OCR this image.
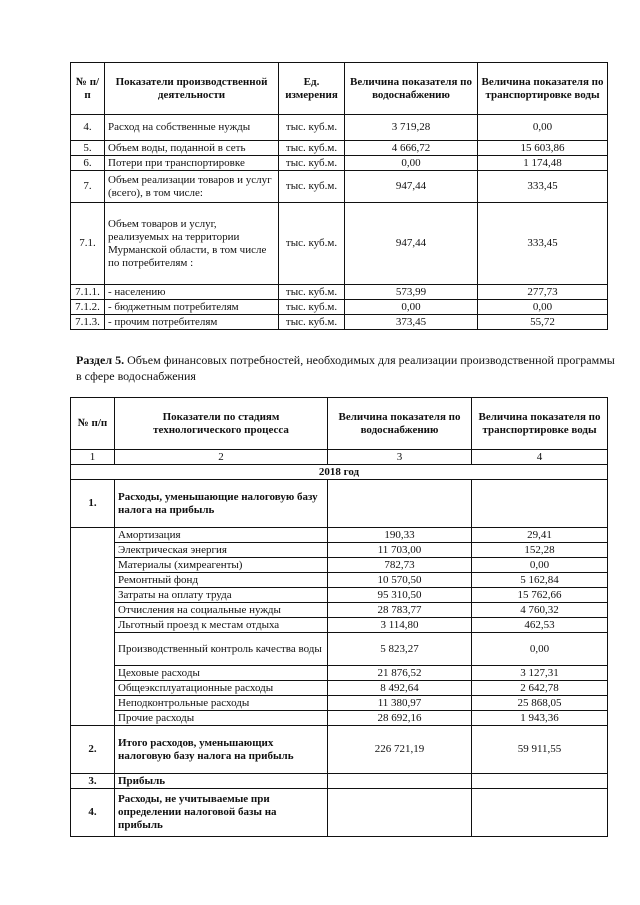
№ п/п	Показатели производственной деятельности	Ед. измерения	Величина показателя по водоснабжению	Величина показателя по транспортировке воды
4.	Расход на собственные нужды	тыс. куб.м.	3 719,28	0,00
5.	Объем воды, поданной в сеть	тыс. куб.м.	4 666,72	15 603,86
6.	Потери при транспортировке	тыс. куб.м.	0,00	1 174,48
7.	Объем реализации товаров и услуг (всего), в том числе:	тыс. куб.м.	947,44	333,45
7.1.	Объем товаров и услуг, реализуемых на территории Мурманской области, в том числе по потребителям :	тыс. куб.м.	947,44	333,45
7.1.1.	- населению	тыс. куб.м.	573,99	277,73
7.1.2.	- бюджетным потребителям	тыс. куб.м.	0,00	0,00
7.1.3.	- прочим потребителям	тыс. куб.м.	373,45	55,72
Раздел 5. Объем финансовых потребностей, необходимых для реализации производственной программы в сфере водоснабжения
№ п/п	Показатели по стадиям технологического процесса	Величина показателя по водоснабжению	Величина показателя по транспортировке воды
1	2	3	4
2018 год			
1.	Расходы, уменьшающие налоговую базу налога на прибыль		
	Амортизация	190,33	29,41
	Электрическая энергия	11 703,00	152,28
	Материалы (химреагенты)	782,73	0,00
	Ремонтный фонд	10 570,50	5 162,84
	Затраты на оплату труда	95 310,50	15 762,66
	Отчисления на социальные нужды	28 783,77	4 760,32
	Льготный проезд к местам отдыха	3 114,80	462,53
	Производственный контроль качества воды	5 823,27	0,00
	Цеховые расходы	21 876,52	3 127,31
	Общеэксплуатационные расходы	8 492,64	2 642,78
	Неподконтрольные расходы	11 380,97	25 868,05
	Прочие расходы	28 692,16	1 943,36
2.	Итого расходов, уменьшающих налоговую базу налога на прибыль	226 721,19	59 911,55
3.	Прибыль		
4.	Расходы, не учитываемые при определении налоговой базы на прибыль		
